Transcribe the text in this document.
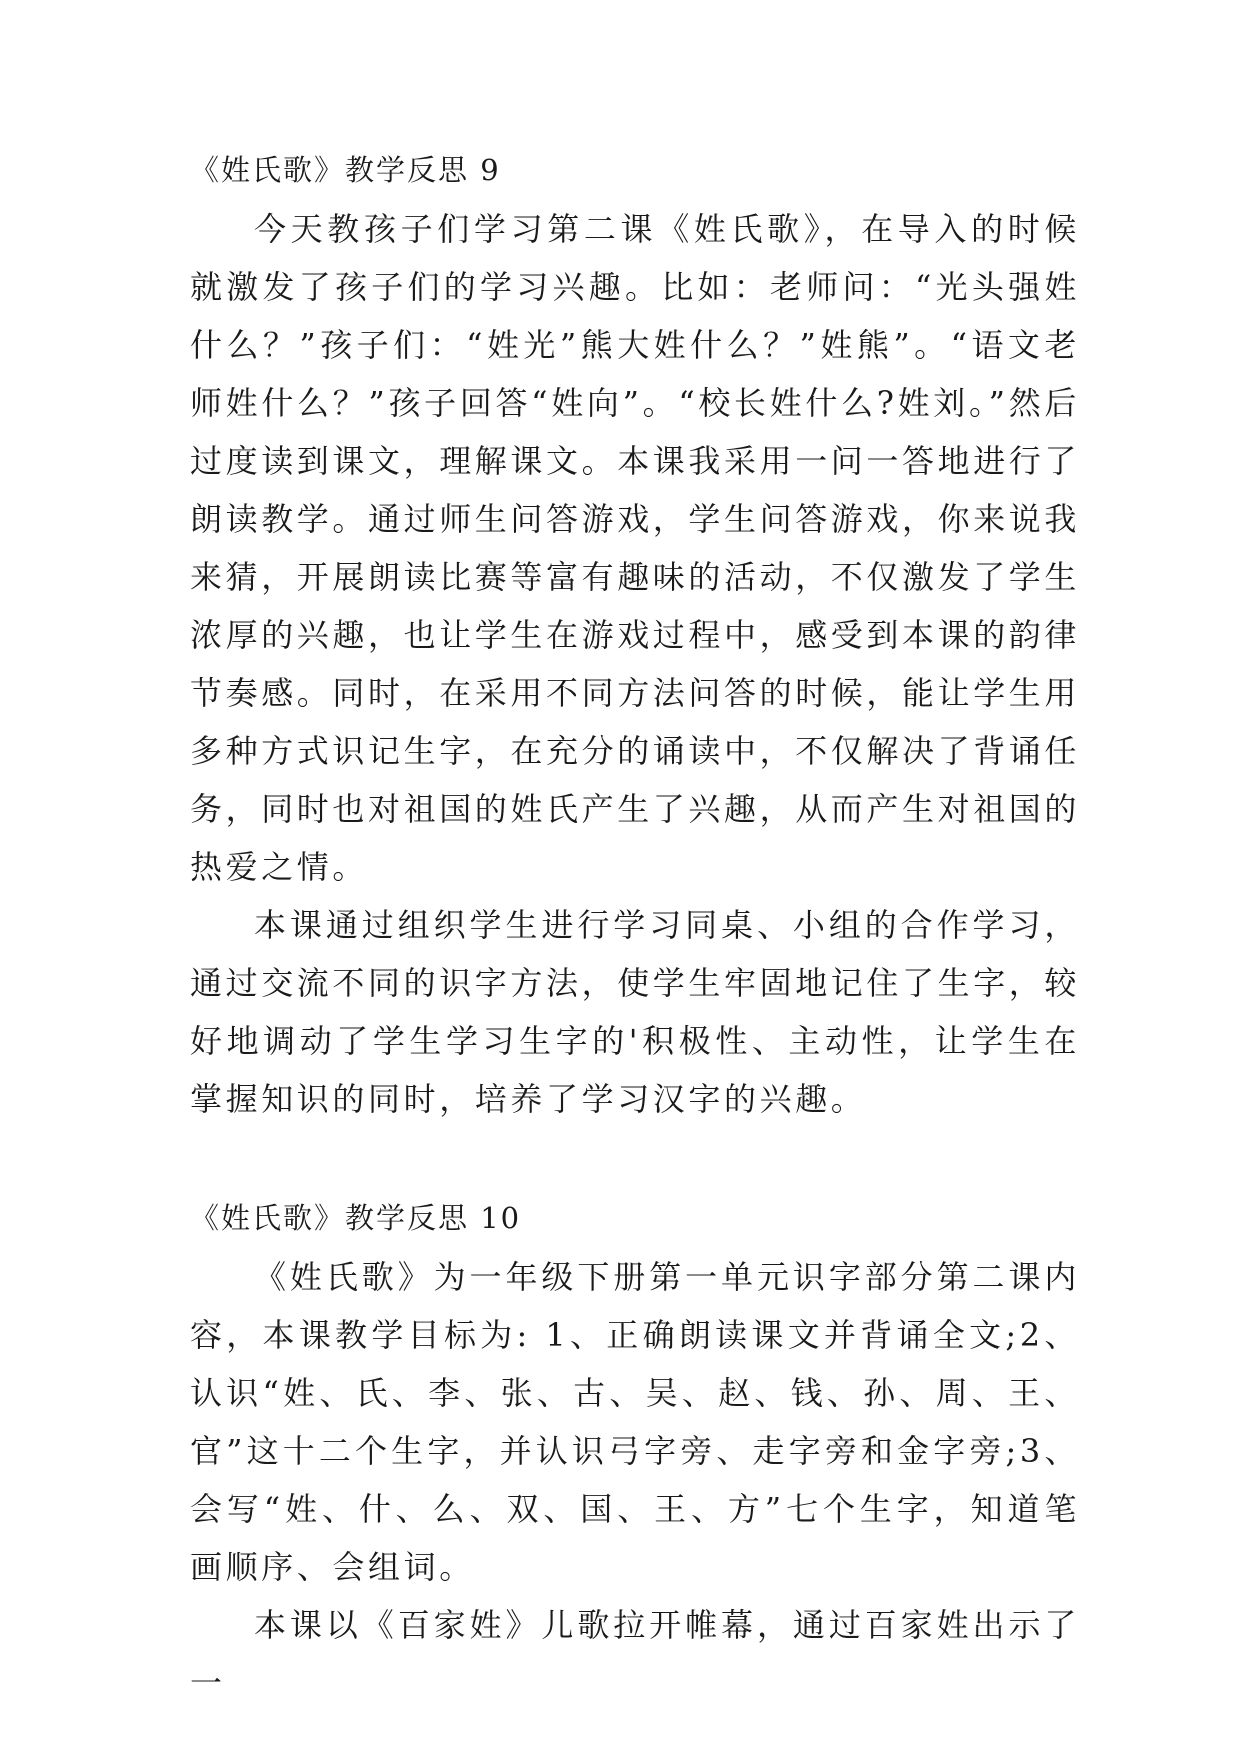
《姓氏歌》教学反思 9

今天教孩子们学习第二课《姓氏歌》，在导入的时候就激发了孩子们的学习兴趣。比如：老师问：“光头强姓什么？”孩子们：“姓光”熊大姓什么？”姓熊”。“语文老师姓什么？”孩子回答“姓向”。“校长姓什么?姓刘。”然后过度读到课文，理解课文。本课我采用一问一答地进行了朗读教学。通过师生问答游戏，学生问答游戏，你来说我来猜，开展朗读比赛等富有趣味的活动，不仅激发了学生浓厚的兴趣，也让学生在游戏过程中，感受到本课的韵律节奏感。同时，在采用不同方法问答的时候，能让学生用多种方式识记生字，在充分的诵读中，不仅解决了背诵任务，同时也对祖国的姓氏产生了兴趣，从而产生对祖国的热爱之情。

本课通过组织学生进行学习同桌、小组的合作学习，通过交流不同的识字方法，使学生牢固地记住了生字，较好地调动了学生学习生字的'积极性、主动性，让学生在掌握知识的同时，培养了学习汉字的兴趣。

《姓氏歌》教学反思 10

《姓氏歌》为一年级下册第一单元识字部分第二课内容，本课教学目标为: 1、正确朗读课文并背诵全文;2、认识“姓、氏、李、张、古、吴、赵、钱、孙、周、王、官”这十二个生字，并认识弓字旁、走字旁和金字旁;3、会写“姓、什、么、双、国、王、方”七个生字，知道笔画顺序、会组词。

本课以《百家姓》儿歌拉开帷幕，通过百家姓出示了一
